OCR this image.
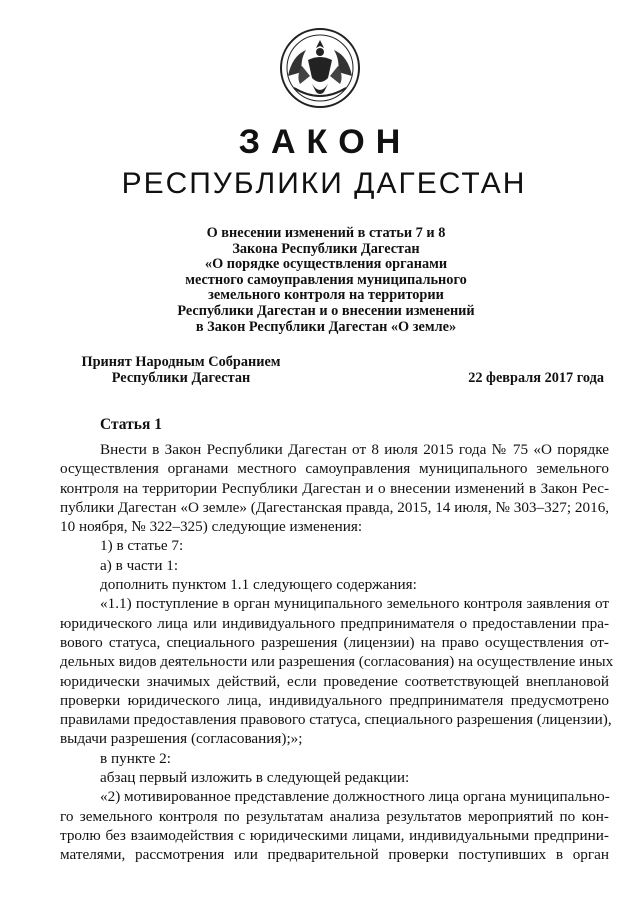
ЗАКОН
РЕСПУБЛИКИ ДАГЕСТАН
О внесении изменений в статьи 7 и 8
Закона Республики Дагестан
«О порядке осуществления органами
местного самоуправления муниципального
земельного контроля на территории
Республики Дагестан и о внесении изменений
в Закон Республики Дагестан «О земле»
Принят Народным Собранием
Республики Дагестан	22 февраля 2017 года
Статья 1
Внести в Закон Республики Дагестан от 8 июля 2015 года № 75 «О порядке
осуществления органами местного самоуправления муниципального земельного
контроля на территории Республики Дагестан и о внесении изменений в Закон Рес-
публики Дагестан «О земле» (Дагестанская правда, 2015, 14 июля, № 303–327; 2016,
10 ноября, № 322–325) следующие изменения:
1) в статье 7:
а) в части 1:
дополнить пунктом 1.1 следующего содержания:
«1.1) поступление в орган муниципального земельного контроля заявления от
юридического лица или индивидуального предпринимателя о предоставлении пра-
вового статуса, специального разрешения (лицензии) на право осуществления от-
дельных видов деятельности или разрешения (согласования) на осуществление иных
юридически значимых действий, если проведение соответствующей внеплановой
проверки юридического лица, индивидуального предпринимателя предусмотрено
правилами предоставления правового статуса, специального разрешения (лицензии),
выдачи разрешения (согласования);»;
в пункте 2:
абзац первый изложить в следующей редакции:
«2) мотивированное представление должностного лица органа муниципально-
го земельного контроля по результатам анализа результатов мероприятий по кон-
тролю без взаимодействия с юридическими лицами, индивидуальными предприни-
мателями, рассмотрения или предварительной проверки поступивших в орган
